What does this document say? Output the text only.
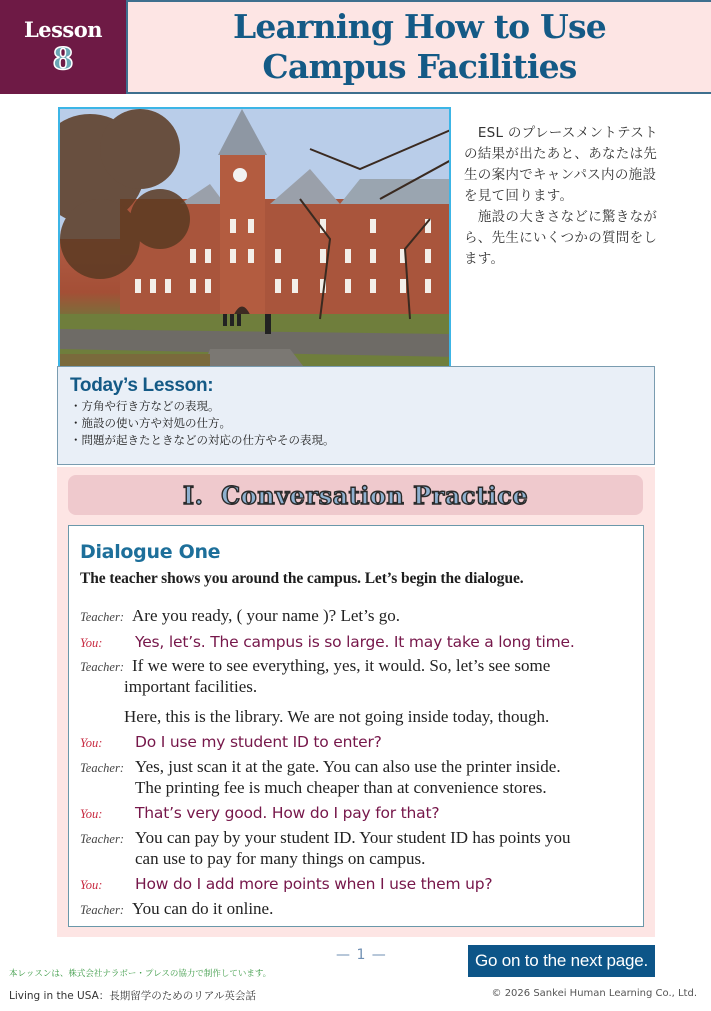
Lesson
8
Learning How to Use
Campus Facilities

　ESL のプレースメントテストの結果が出たあと、あなたは先生の案内でキャンパス内の施設を見て回ります。

　施設の大きさなどに驚きながら、先生にいくつかの質問をします。

Today’s Lesson:
・方角や行き方などの表現。
・施設の使い方や対処の仕方。
・問題が起きたときなどの対応の仕方やその表現。
I.  Conversation Practice
Dialogue One
The teacher shows you around the campus. Let’s begin the dialogue.
Teacher: Are you ready, ( your name )? Let’s go.
You:	Yes, let’s. The campus is so large. It may take a long time.
Teacher: If we were to see everything, yes, it would. So, let’s see some
important facilities.
Here, this is the library. We are not going inside today, though.
You:	Do I use my student ID to enter?
Teacher: Yes, just scan it at the gate. You can also use the printer inside.
The printing fee is much cheaper than at convenience stores.
You:	That’s very good. How do I pay for that?
Teacher: You can pay by your student ID. Your student ID has points you
can use to pay for many things on campus.
You:	How do I add more points when I use them up?
Teacher: You can do it online.
— 1 —	Go on to the next page.
本レッスンは、株式会社ナラボー・プレスの協力で制作しています。
Living in the USA：長期留学のためのリアル英会話	© 2026 Sankei Human Learning Co., Ltd.
